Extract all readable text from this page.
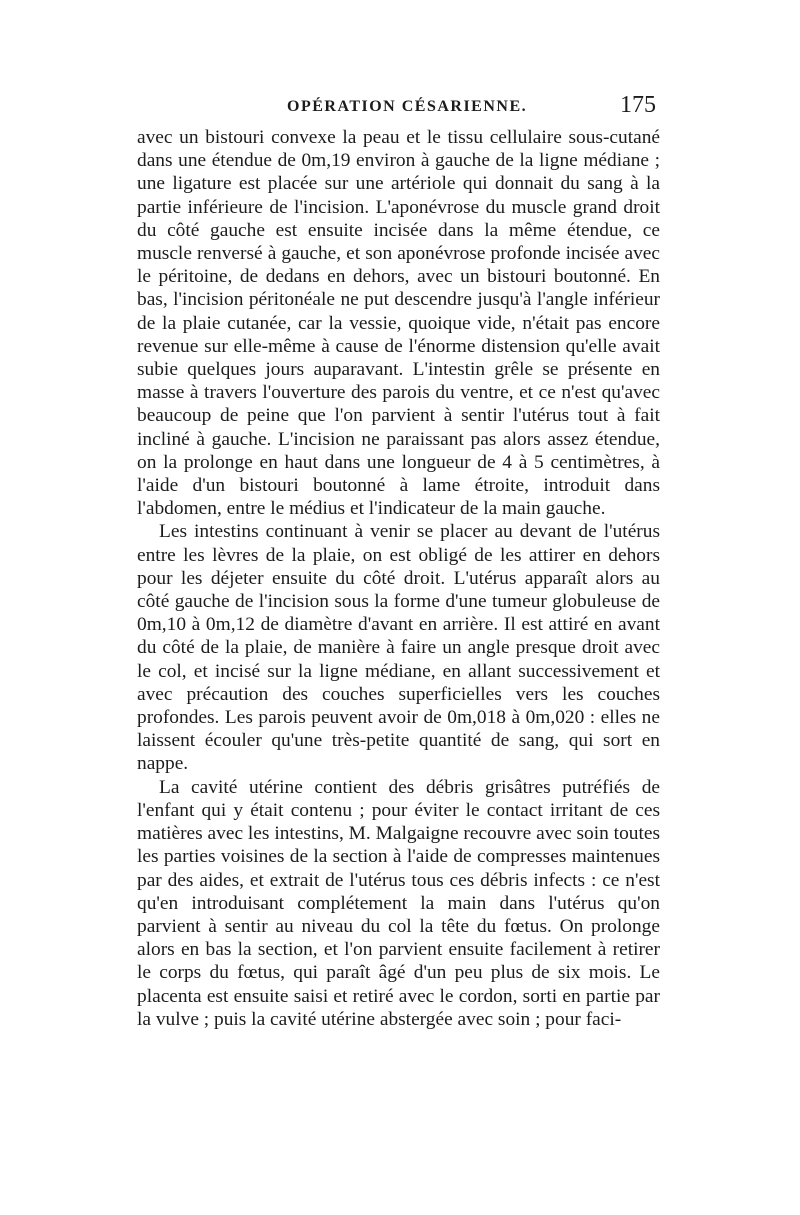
OPÉRATION CÉSARIENNE.	175

avec un bistouri convexe la peau et le tissu cellulaire sous-cutané dans une étendue de 0m,19 environ à gauche de la ligne médiane ; une ligature est placée sur une artériole qui donnait du sang à la partie inférieure de l'incision. L'aponévrose du muscle grand droit du côté gauche est ensuite incisée dans la même étendue, ce muscle renversé à gauche, et son aponévrose profonde incisée avec le péritoine, de dedans en dehors, avec un bistouri boutonné. En bas, l'incision péritonéale ne put descendre jusqu'à l'angle inférieur de la plaie cutanée, car la vessie, quoique vide, n'était pas encore revenue sur elle-même à cause de l'énorme distension qu'elle avait subie quelques jours auparavant. L'intestin grêle se présente en masse à travers l'ouverture des parois du ventre, et ce n'est qu'avec beaucoup de peine que l'on parvient à sentir l'utérus tout à fait incliné à gauche. L'incision ne paraissant pas alors assez étendue, on la prolonge en haut dans une longueur de 4 à 5 centimètres, à l'aide d'un bistouri boutonné à lame étroite, introduit dans l'abdomen, entre le médius et l'indicateur de la main gauche.

Les intestins continuant à venir se placer au devant de l'utérus entre les lèvres de la plaie, on est obligé de les attirer en dehors pour les déjeter ensuite du côté droit. L'utérus apparaît alors au côté gauche de l'incision sous la forme d'une tumeur globuleuse de 0m,10 à 0m,12 de diamètre d'avant en arrière. Il est attiré en avant du côté de la plaie, de manière à faire un angle presque droit avec le col, et incisé sur la ligne médiane, en allant successivement et avec précaution des couches superficielles vers les couches profondes. Les parois peuvent avoir de 0m,018 à 0m,020 : elles ne laissent écouler qu'une très-petite quantité de sang, qui sort en nappe.

La cavité utérine contient des débris grisâtres putréfiés de l'enfant qui y était contenu ; pour éviter le contact irritant de ces matières avec les intestins, M. Malgaigne recouvre avec soin toutes les parties voisines de la section à l'aide de compresses maintenues par des aides, et extrait de l'utérus tous ces débris infects : ce n'est qu'en introduisant complétement la main dans l'utérus qu'on parvient à sentir au niveau du col la tête du fœtus. On prolonge alors en bas la section, et l'on parvient ensuite facilement à retirer le corps du fœtus, qui paraît âgé d'un peu plus de six mois. Le placenta est ensuite saisi et retiré avec le cordon, sorti en partie par la vulve ; puis la cavité utérine abstergée avec soin ; pour faci-
